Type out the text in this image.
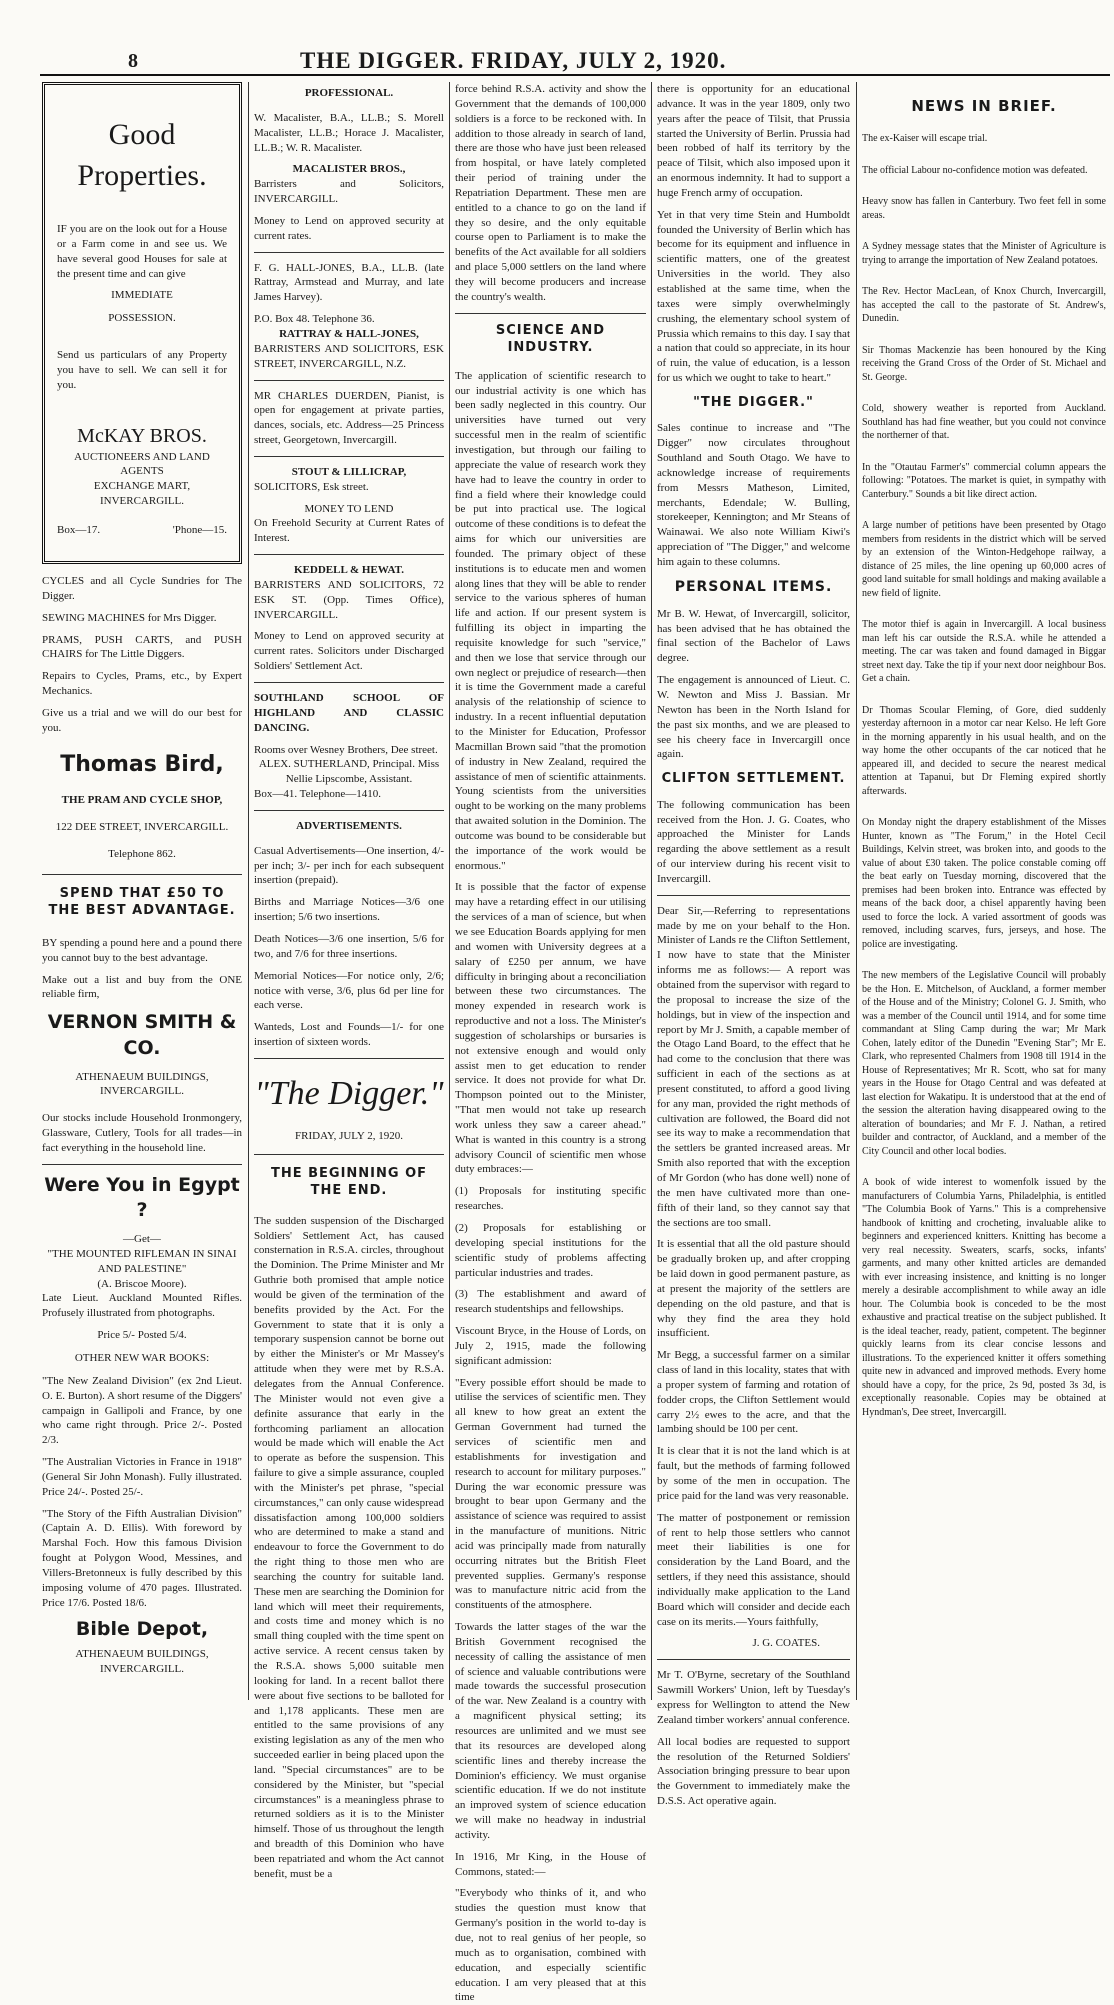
8	THE DIGGER. FRIDAY, JULY 2, 1920.
Good
Properties.

IF you are on the look out for a House or a Farm come in and see us. We have several good Houses for sale at the present time and can give

IMMEDIATE
POSSESSION.

Send us particulars of any Property you have to sell. We can sell it for you.

McKAY BROS.
AUCTIONEERS AND LAND AGENTS
EXCHANGE MART,
INVERCARGILL.
Box—17.	'Phone—15.

CYCLES and all Cycle Sundries for The Digger.

SEWING MACHINES for Mrs Digger.

PRAMS, PUSH CARTS, and PUSH CHAIRS for The Little Diggers.

Repairs to Cycles, Prams, etc., by Expert Mechanics.

Give us a trial and we will do our best for you.

Thomas Bird,
THE PRAM AND CYCLE SHOP,
122 DEE STREET, INVERCARGILL.
Telephone 862.
SPEND THAT £50 TO THE BEST ADVANTAGE.

BY spending a pound here and a pound there you cannot buy to the best advantage.

Make out a list and buy from the ONE reliable firm,

VERNON SMITH & CO.
ATHENAEUM BUILDINGS,
INVERCARGILL.

Our stocks include Household Ironmongery, Glassware, Cutlery, Tools for all trades—in fact everything in the household line.

Were You in Egypt ?
—Get—
"THE MOUNTED RIFLEMAN IN SINAI AND PALESTINE"
(A. Briscoe Moore).

Late Lieut. Auckland Mounted Rifles. Profusely illustrated from photographs.

Price 5/- Posted 5/4.
OTHER NEW WAR BOOKS:

"The New Zealand Division" (ex 2nd Lieut. O. E. Burton). A short resume of the Diggers' campaign in Gallipoli and France, by one who came right through. Price 2/-. Posted 2/3.

"The Australian Victories in France in 1918" (General Sir John Monash). Fully illustrated. Price 24/-. Posted 25/-.

"The Story of the Fifth Australian Division" (Captain A. D. Ellis). With foreword by Marshal Foch. How this famous Division fought at Polygon Wood, Messines, and Villers-Bretonneux is fully described by this imposing volume of 470 pages. Illustrated. Price 17/6. Posted 18/6.

Bible Depot,
ATHENAEUM BUILDINGS,
INVERCARGILL.
PROFESSIONAL.

W. Macalister, B.A., LL.B.; S. Morell Macalister, LL.B.; Horace J. Macalister, LL.B.; W. R. Macalister.

MACALISTER BROS.,

Barristers and Solicitors, INVERCARGILL.

Money to Lend on approved security at current rates.

F. G. HALL-JONES, B.A., LL.B. (late Rattray, Armstead and Murray, and late James Harvey).

P.O. Box 48. Telephone 36.
RATTRAY & HALL-JONES,

BARRISTERS AND SOLICITORS, ESK STREET, INVERCARGILL, N.Z.

MR CHARLES DUERDEN, Pianist, is open for engagement at private parties, dances, socials, etc. Address—25 Princess street, Georgetown, Invercargill.

STOUT & LILLICRAP,

SOLICITORS, Esk street.

MONEY TO LEND

On Freehold Security at Current Rates of Interest.

KEDDELL & HEWAT.

BARRISTERS AND SOLICITORS, 72 ESK ST. (Opp. Times Office), INVERCARGILL.

Money to Lend on approved security at current rates. Solicitors under Discharged Soldiers' Settlement Act.

SOUTHLAND SCHOOL OF HIGHLAND AND CLASSIC DANCING.

Rooms over Wesney Brothers, Dee street.
ALEX. SUTHERLAND, Principal. Miss Nellie Lipscombe, Assistant.
Box—41. Telephone—1410.
ADVERTISEMENTS.

Casual Advertisements—One insertion, 4/- per inch; 3/- per inch for each subsequent insertion (prepaid).

Births and Marriage Notices—3/6 one insertion; 5/6 two insertions.

Death Notices—3/6 one insertion, 5/6 for two, and 7/6 for three insertions.

Memorial Notices—For notice only, 2/6; notice with verse, 3/6, plus 6d per line for each verse.

Wanteds, Lost and Founds—1/- for one insertion of sixteen words.

"The Digger."
FRIDAY, JULY 2, 1920.
THE BEGINNING OF THE END.

The sudden suspension of the Discharged Soldiers' Settlement Act, has caused consternation in R.S.A. circles, throughout the Dominion. The Prime Minister and Mr Guthrie both promised that ample notice would be given of the termination of the benefits provided by the Act. For the Government to state that it is only a temporary suspension cannot be borne out by either the Minister's or Mr Massey's attitude when they were met by R.S.A. delegates from the Annual Conference. The Minister would not even give a definite assurance that early in the forthcoming parliament an allocation would be made which will enable the Act to operate as before the suspension. This failure to give a simple assurance, coupled with the Minister's pet phrase, "special circumstances," can only cause widespread dissatisfaction among 100,000 soldiers who are determined to make a stand and endeavour to force the Government to do the right thing to those men who are searching the country for suitable land. These men are searching the Dominion for land which will meet their requirements, and costs time and money which is no small thing coupled with the time spent on active service. A recent census taken by the R.S.A. shows 5,000 suitable men looking for land. In a recent ballot there were about five sections to be balloted for and 1,178 applicants. These men are entitled to the same provisions of any existing legislation as any of the men who succeeded earlier in being placed upon the land. "Special circumstances" are to be considered by the Minister, but "special circumstances" is a meaningless phrase to returned soldiers as it is to the Minister himself. Those of us throughout the length and breadth of this Dominion who have been repatriated and whom the Act cannot benefit, must be a

force behind R.S.A. activity and show the Government that the demands of 100,000 soldiers is a force to be reckoned with. In addition to those already in search of land, there are those who have just been released from hospital, or have lately completed their period of training under the Repatriation Department. These men are entitled to a chance to go on the land if they so desire, and the only equitable course open to Parliament is to make the benefits of the Act available for all soldiers and place 5,000 settlers on the land where they will become producers and increase the country's wealth.

SCIENCE AND INDUSTRY.

The application of scientific research to our industrial activity is one which has been sadly neglected in this country. Our universities have turned out very successful men in the realm of scientific investigation, but through our failing to appreciate the value of research work they have had to leave the country in order to find a field where their knowledge could be put into practical use. The logical outcome of these conditions is to defeat the aims for which our universities are founded. The primary object of these institutions is to educate men and women along lines that they will be able to render service to the various spheres of human life and action. If our present system is fulfilling its object in imparting the requisite knowledge for such "service," and then we lose that service through our own neglect or prejudice of research—then it is time the Government made a careful analysis of the relationship of science to industry. In a recent influential deputation to the Minister for Education, Professor Macmillan Brown said "that the promotion of industry in New Zealand, required the assistance of men of scientific attainments. Young scientists from the universities ought to be working on the many problems that awaited solution in the Dominion. The outcome was bound to be considerable but the importance of the work would be enormous."

It is possible that the factor of expense may have a retarding effect in our utilising the services of a man of science, but when we see Education Boards applying for men and women with University degrees at a salary of £250 per annum, we have difficulty in bringing about a reconciliation between these two circumstances. The money expended in research work is reproductive and not a loss. The Minister's suggestion of scholarships or bursaries is not extensive enough and would only assist men to get education to render service. It does not provide for what Dr. Thompson pointed out to the Minister, "That men would not take up research work unless they saw a career ahead." What is wanted in this country is a strong advisory Council of scientific men whose duty embraces:—

(1) Proposals for instituting specific researches.

(2) Proposals for establishing or developing special institutions for the scientific study of problems affecting particular industries and trades.

(3) The establishment and award of research studentships and fellowships.

Viscount Bryce, in the House of Lords, on July 2, 1915, made the following significant admission:

"Every possible effort should be made to utilise the services of scientific men. They all knew to how great an extent the German Government had turned the services of scientific men and establishments for investigation and research to account for military purposes." During the war economic pressure was brought to bear upon Germany and the assistance of science was required to assist in the manufacture of munitions. Nitric acid was principally made from naturally occurring nitrates but the British Fleet prevented supplies. Germany's response was to manufacture nitric acid from the constituents of the atmosphere.

Towards the latter stages of the war the British Government recognised the necessity of calling the assistance of men of science and valuable contributions were made towards the successful prosecution of the war. New Zealand is a country with a magnificent physical setting; its resources are unlimited and we must see that its resources are developed along scientific lines and thereby increase the Dominion's efficiency. We must organise scientific education. If we do not institute an improved system of science education we will make no headway in industrial activity.

In 1916, Mr King, in the House of Commons, stated:—

"Everybody who thinks of it, and who studies the question must know that Germany's position in the world to-day is due, not to real genius of her people, so much as to organisation, combined with education, and especially scientific education. I am very pleased that at this time

there is opportunity for an educational advance. It was in the year 1809, only two years after the peace of Tilsit, that Prussia started the University of Berlin. Prussia had been robbed of half its territory by the peace of Tilsit, which also imposed upon it an enormous indemnity. It had to support a huge French army of occupation.

Yet in that very time Stein and Humboldt founded the University of Berlin which has become for its equipment and influence in scientific matters, one of the greatest Universities in the world. They also established at the same time, when the taxes were simply overwhelmingly crushing, the elementary school system of Prussia which remains to this day. I say that a nation that could so appreciate, in its hour of ruin, the value of education, is a lesson for us which we ought to take to heart."

"THE DIGGER."

Sales continue to increase and "The Digger" now circulates throughout Southland and South Otago. We have to acknowledge increase of requirements from Messrs Matheson, Limited, merchants, Edendale; W. Bulling, storekeeper, Kennington; and Mr Steans of Wainawai. We also note William Kiwi's appreciation of "The Digger," and welcome him again to these columns.

PERSONAL ITEMS.

Mr B. W. Hewat, of Invercargill, solicitor, has been advised that he has obtained the final section of the Bachelor of Laws degree.

The engagement is announced of Lieut. C. W. Newton and Miss J. Bassian. Mr Newton has been in the North Island for the past six months, and we are pleased to see his cheery face in Invercargill once again.

CLIFTON SETTLEMENT.

The following communication has been received from the Hon. J. G. Coates, who approached the Minister for Lands regarding the above settlement as a result of our interview during his recent visit to Invercargill.

Dear Sir,—Referring to representations made by me on your behalf to the Hon. Minister of Lands re the Clifton Settlement, I now have to state that the Minister informs me as follows:— A report was obtained from the supervisor with regard to the proposal to increase the size of the holdings, but in view of the inspection and report by Mr J. Smith, a capable member of the Otago Land Board, to the effect that he had come to the conclusion that there was sufficient in each of the sections as at present constituted, to afford a good living for any man, provided the right methods of cultivation are followed, the Board did not see its way to make a recommendation that the settlers be granted increased areas. Mr Smith also reported that with the exception of Mr Gordon (who has done well) none of the men have cultivated more than one-fifth of their land, so they cannot say that the sections are too small.

It is essential that all the old pasture should be gradually broken up, and after cropping be laid down in good permanent pasture, as at present the majority of the settlers are depending on the old pasture, and that is why they find the area they hold insufficient.

Mr Begg, a successful farmer on a similar class of land in this locality, states that with a proper system of farming and rotation of fodder crops, the Clifton Settlement would carry 2½ ewes to the acre, and that the lambing should be 100 per cent.

It is clear that it is not the land which is at fault, but the methods of farming followed by some of the men in occupation. The price paid for the land was very reasonable.

The matter of postponement or remission of rent to help those settlers who cannot meet their liabilities is one for consideration by the Land Board, and the settlers, if they need this assistance, should individually make application to the Land Board which will consider and decide each case on its merits.—Yours faithfully,

J. G. COATES.

Mr T. O'Byrne, secretary of the Southland Sawmill Workers' Union, left by Tuesday's express for Wellington to attend the New Zealand timber workers' annual conference.

All local bodies are requested to support the resolution of the Returned Soldiers' Association bringing pressure to bear upon the Government to immediately make the D.S.S. Act operative again.

NEWS IN BRIEF.

The ex-Kaiser will escape trial.

The official Labour no-confidence motion was defeated.

Heavy snow has fallen in Canterbury. Two feet fell in some areas.

A Sydney message states that the Minister of Agriculture is trying to arrange the importation of New Zealand potatoes.

The Rev. Hector MacLean, of Knox Church, Invercargill, has accepted the call to the pastorate of St. Andrew's, Dunedin.

Sir Thomas Mackenzie has been honoured by the King receiving the Grand Cross of the Order of St. Michael and St. George.

Cold, showery weather is reported from Auckland. Southland has had fine weather, but you could not convince the northerner of that.

In the "Otautau Farmer's" commercial column appears the following: "Potatoes. The market is quiet, in sympathy with Canterbury." Sounds a bit like direct action.

A large number of petitions have been presented by Otago members from residents in the district which will be served by an extension of the Winton-Hedgehope railway, a distance of 25 miles, the line opening up 60,000 acres of good land suitable for small holdings and making available a new field of lignite.

The motor thief is again in Invercargill. A local business man left his car outside the R.S.A. while he attended a meeting. The car was taken and found damaged in Biggar street next day. Take the tip if your next door neighbour Bos. Get a chain.

Dr Thomas Scoular Fleming, of Gore, died suddenly yesterday afternoon in a motor car near Kelso. He left Gore in the morning apparently in his usual health, and on the way home the other occupants of the car noticed that he appeared ill, and decided to secure the nearest medical attention at Tapanui, but Dr Fleming expired shortly afterwards.

On Monday night the drapery establishment of the Misses Hunter, known as "The Forum," in the Hotel Cecil Buildings, Kelvin street, was broken into, and goods to the value of about £30 taken. The police constable coming off the beat early on Tuesday morning, discovered that the premises had been broken into. Entrance was effected by means of the back door, a chisel apparently having been used to force the lock. A varied assortment of goods was removed, including scarves, furs, jerseys, and hose. The police are investigating.

The new members of the Legislative Council will probably be the Hon. E. Mitchelson, of Auckland, a former member of the House and of the Ministry; Colonel G. J. Smith, who was a member of the Council until 1914, and for some time commandant at Sling Camp during the war; Mr Mark Cohen, lately editor of the Dunedin "Evening Star"; Mr E. Clark, who represented Chalmers from 1908 till 1914 in the House of Representatives; Mr R. Scott, who sat for many years in the House for Otago Central and was defeated at last election for Wakatipu. It is understood that at the end of the session the alteration having disappeared owing to the alteration of boundaries; and Mr F. J. Nathan, a retired builder and contractor, of Auckland, and a member of the City Council and other local bodies.

A book of wide interest to womenfolk issued by the manufacturers of Columbia Yarns, Philadelphia, is entitled "The Columbia Book of Yarns." This is a comprehensive handbook of knitting and crocheting, invaluable alike to beginners and experienced knitters. Knitting has become a very real necessity. Sweaters, scarfs, socks, infants' garments, and many other knitted articles are demanded with ever increasing insistence, and knitting is no longer merely a desirable accomplishment to while away an idle hour. The Columbia book is conceded to be the most exhaustive and practical treatise on the subject published. It is the ideal teacher, ready, patient, competent. The beginner quickly learns from its clear concise lessons and illustrations. To the experienced knitter it offers something quite new in advanced and improved methods. Every home should have a copy, for the price, 2s 9d, posted 3s 3d, is exceptionally reasonable. Copies may be obtained at Hyndman's, Dee street, Invercargill.
